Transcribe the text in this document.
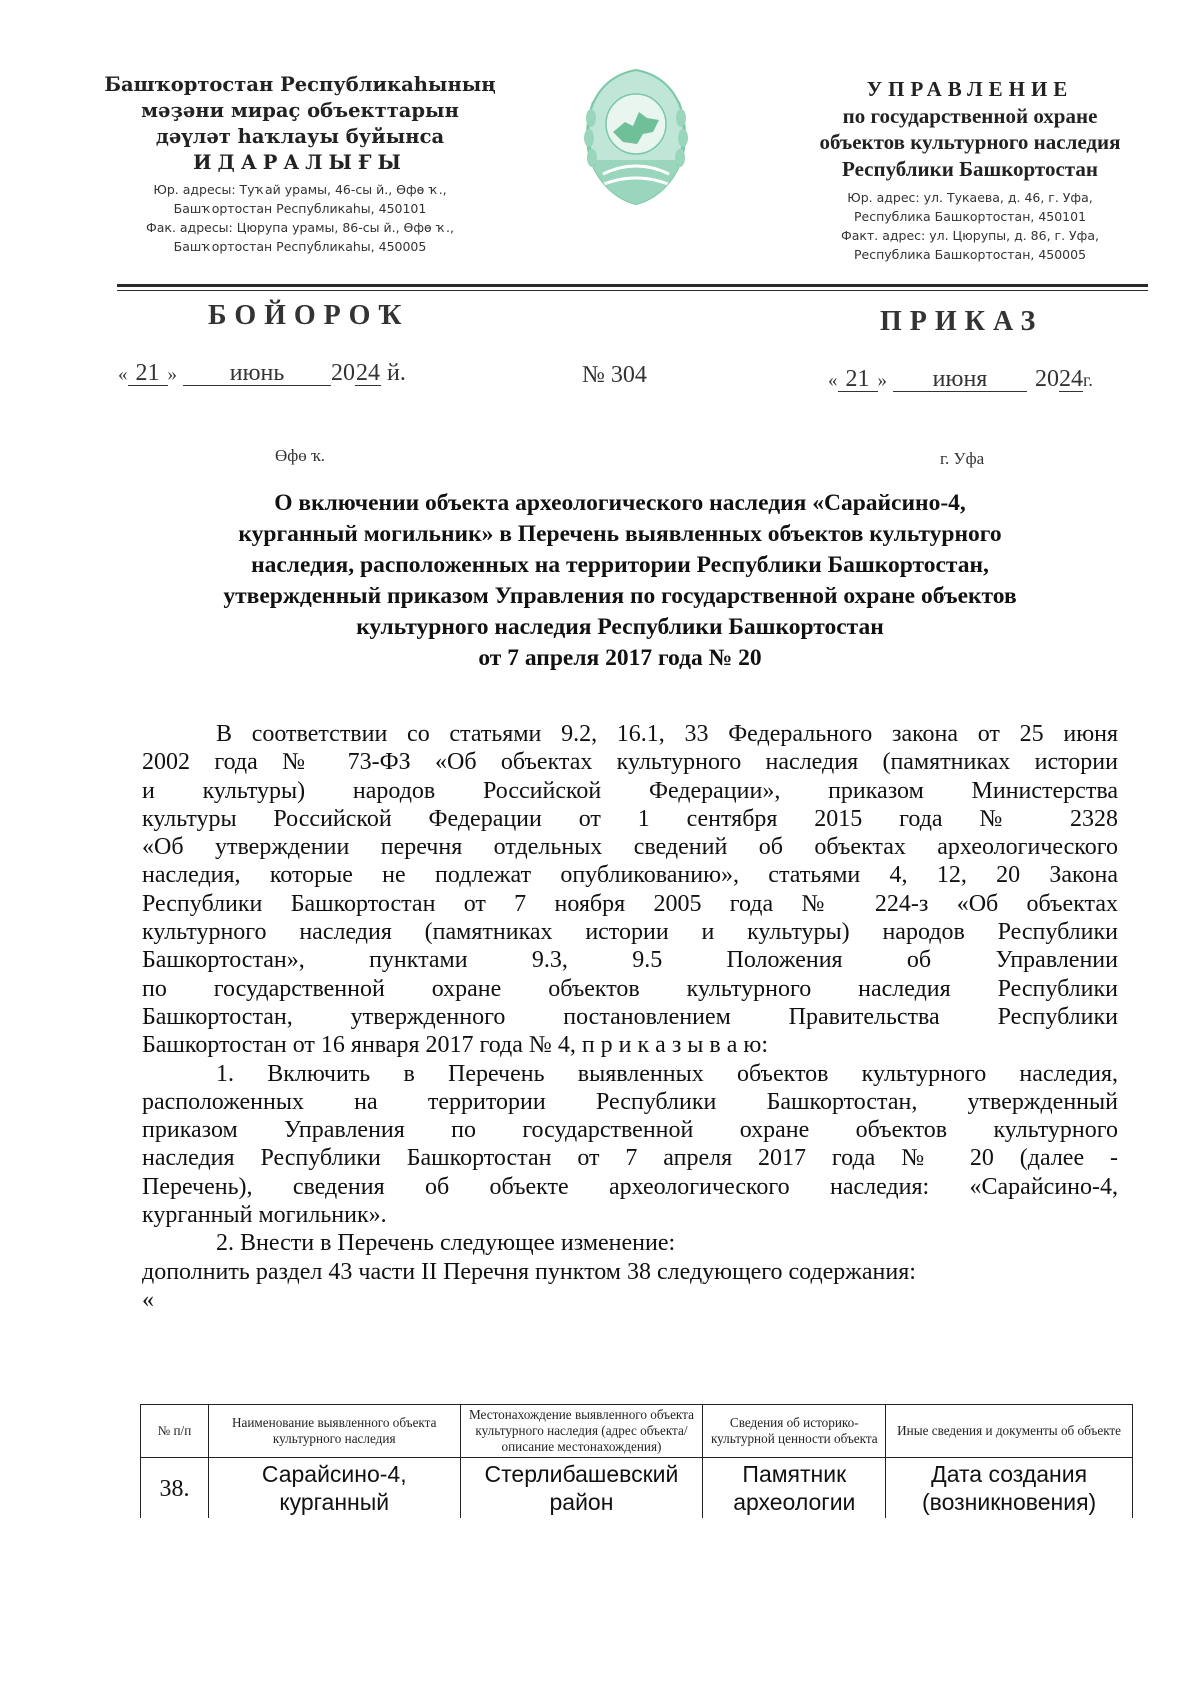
Башҡортостан Республикаһының
мәҙәни мираҫ объекттарын
дәүләт һаҡлауы буйынса
ИДАРАЛЫҒЫ
Юр. адресы: Туҡай урамы, 46-сы й., Өфө ҡ.,
Башҡортостан Республикаһы, 450101
Фак. адресы: Цюрупа урамы, 86-сы й., Өфө ҡ.,
Башҡортостан Республикаһы, 450005
УПРАВЛЕНИЕ
по государственной охране
объектов культурного наследия
Республики Башкортостан
Юр. адрес: ул. Тукаева, д. 46, г. Уфа,
Республика Башкортостан, 450101
Факт. адрес: ул. Цюрупы, д. 86, г. Уфа,
Республика Башкортостан, 450005
БОЙОРОҠ	ПРИКАЗ
« 21 » июнь 2024 й.	№ 304	« 21 » июня 2024г.
Өфө ҡ.	г. Уфа
О включении объекта археологического наследия «Сарайсино-4,
курганный могильник» в Перечень выявленных объектов культурного
наследия, расположенных на территории Республики Башкортостан,
утвержденный приказом Управления по государственной охране объектов
культурного наследия Республики Башкортостан
от 7 апреля 2017 года № 20
В соответствии со статьями 9.2, 16.1, 33 Федерального закона от 25 июня
2002 года № 73-ФЗ «Об объектах культурного наследия (памятниках истории
и культуры) народов Российской Федерации», приказом Министерства
культуры Российской Федерации от 1 сентября 2015 года № 2328
«Об утверждении перечня отдельных сведений об объектах археологического
наследия, которые не подлежат опубликованию», статьями 4, 12, 20 Закона
Республики Башкортостан от 7 ноября 2005 года № 224-з «Об объектах
культурного наследия (памятниках истории и культуры) народов Республики
Башкортостан», пунктами 9.3, 9.5 Положения об Управлении
по государственной охране объектов культурного наследия Республики
Башкортостан, утвержденного постановлением Правительства Республики
Башкортостан от 16 января 2017 года № 4, п р и к а з ы в а ю:
1. Включить в Перечень выявленных объектов культурного наследия,
расположенных на территории Республики Башкортостан, утвержденный
приказом Управления по государственной охране объектов культурного
наследия Республики Башкортостан от 7 апреля 2017 года № 20 (далее -
Перечень), сведения об объекте археологического наследия: «Сарайсино-4,
курганный могильник».
2. Внести в Перечень следующее изменение:
дополнить раздел 43 части II Перечня пунктом 38 следующего содержания:
«
№ п/п	Наименование выявленного объекта культурного наследия	Местонахождение выявленного объекта культурного наследия (адрес объекта/описание местонахождения)	Сведения об историко-культурной ценности объекта	Иные сведения и документы об объекте
38.	Сарайсино-4, курганный	Стерлибашевский район	Памятник археологии	Дата создания (возникновения)
